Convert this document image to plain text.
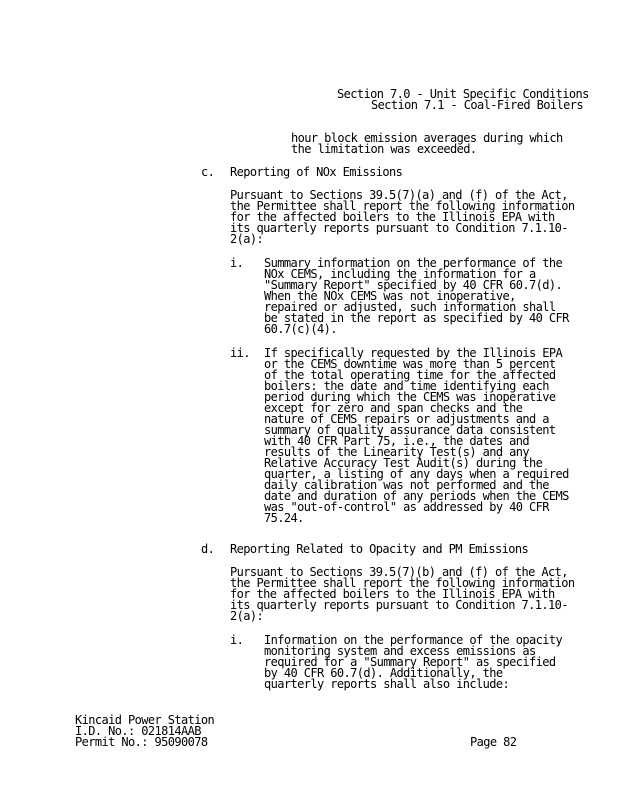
Section 7.0 - Unit Specific Conditions
Section 7.1 - Coal-Fired Boilers
hour block emission averages during which
the limitation was exceeded.
c. Reporting of NOx Emissions
Pursuant to Sections 39.5(7)(a) and (f) of the Act,
the Permittee shall report the following information
for the affected boilers to the Illinois EPA with
its quarterly reports pursuant to Condition 7.1.10-
2(a):
i. Summary information on the performance of the
NOx CEMS, including the information for a
"Summary Report" specified by 40 CFR 60.7(d).
When the NOx CEMS was not inoperative,
repaired or adjusted, such information shall
be stated in the report as specified by 40 CFR
60.7(c)(4).
ii. If specifically requested by the Illinois EPA
or the CEMS downtime was more than 5 percent
of the total operating time for the affected
boilers: the date and time identifying each
period during which the CEMS was inoperative
except for zero and span checks and the
nature of CEMS repairs or adjustments and a
summary of quality assurance data consistent
with 40 CFR Part 75, i.e., the dates and
results of the Linearity Test(s) and any
Relative Accuracy Test Audit(s) during the
quarter, a listing of any days when a required
daily calibration was not performed and the
date and duration of any periods when the CEMS
was "out-of-control" as addressed by 40 CFR
75.24.
d. Reporting Related to Opacity and PM Emissions
Pursuant to Sections 39.5(7)(b) and (f) of the Act,
the Permittee shall report the following information
for the affected boilers to the Illinois EPA with
its quarterly reports pursuant to Condition 7.1.10-
2(a):
i. Information on the performance of the opacity
monitoring system and excess emissions as
required for a "Summary Report" as specified
by 40 CFR 60.7(d). Additionally, the
quarterly reports shall also include:
Kincaid Power Station
I.D. No.: 021814AAB
Permit No.: 95090078	Page 82
